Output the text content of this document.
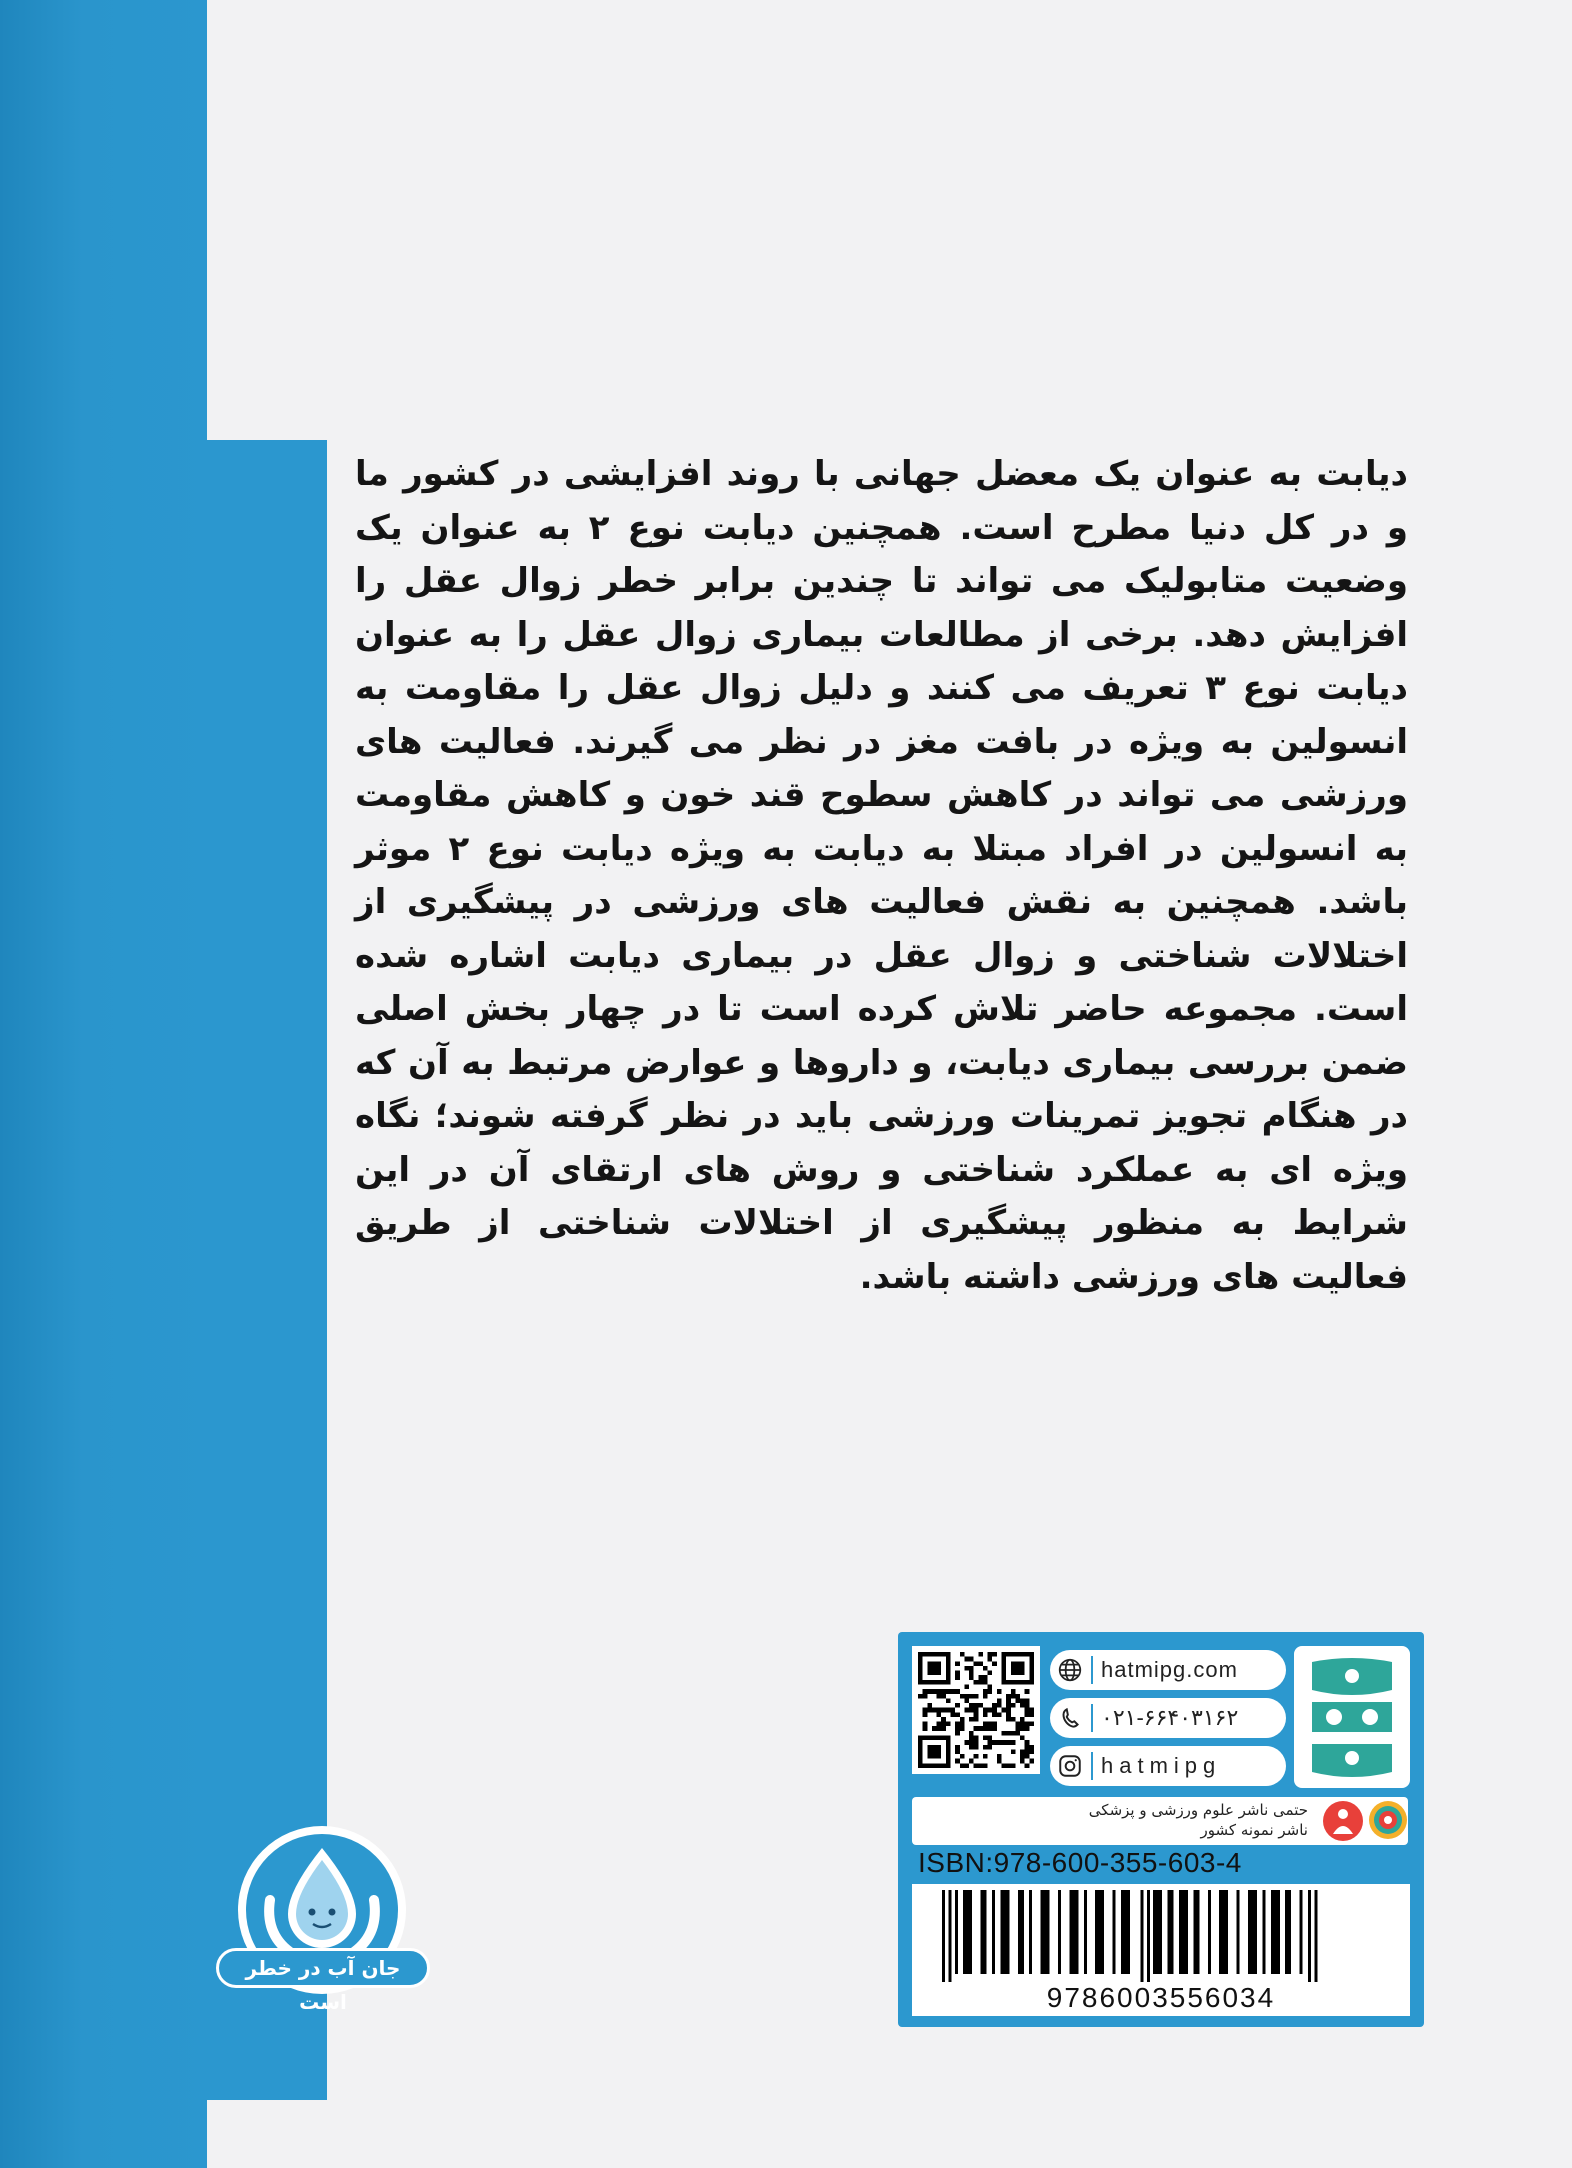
دیابت به عنوان یک معضل جهانی با روند افزایشی در کشور ما و در کل دنیا مطرح است. همچنین دیابت نوع ۲ به عنوان یک وضعیت متابولیک می تواند تا چندین برابر خطر زوال عقل را افزایش دهد. برخی از مطالعات بیماری زوال عقل را به عنوان دیابت نوع ۳ تعریف می کنند و دلیل زوال عقل را مقاومت به انسولین به ویژه در بافت مغز در نظر می گیرند. فعالیت های ورزشی می تواند در کاهش سطوح قند خون و کاهش مقاومت به انسولین در افراد مبتلا به دیابت به ویژه دیابت نوع ۲ موثر باشد. همچنین به نقش فعالیت های ورزشی در پیشگیری از اختلالات شناختی و زوال عقل در بیماری دیابت اشاره شده است. مجموعه حاضر تلاش کرده است تا در چهار بخش اصلی ضمن بررسی بیماری دیابت، و داروها و عوارض مرتبط به آن که در هنگام تجویز تمرینات ورزشی باید در نظر گرفته شوند؛ نگاه ویژه ای به عملکرد شناختی و روش های ارتقای آن در این شرایط به منظور پیشگیری از اختلالات شناختی از طریق فعالیت های ورزشی داشته باشد.

hatmipg.com
۰۲۱-۶۶۴۰۳۱۶۲
hatmipg
حتمی ناشر علوم ورزشی و پزشکی
ناشر نمونه کشور
ISBN:978-600-355-603-4
9786003556034
جان آب در خطر است
